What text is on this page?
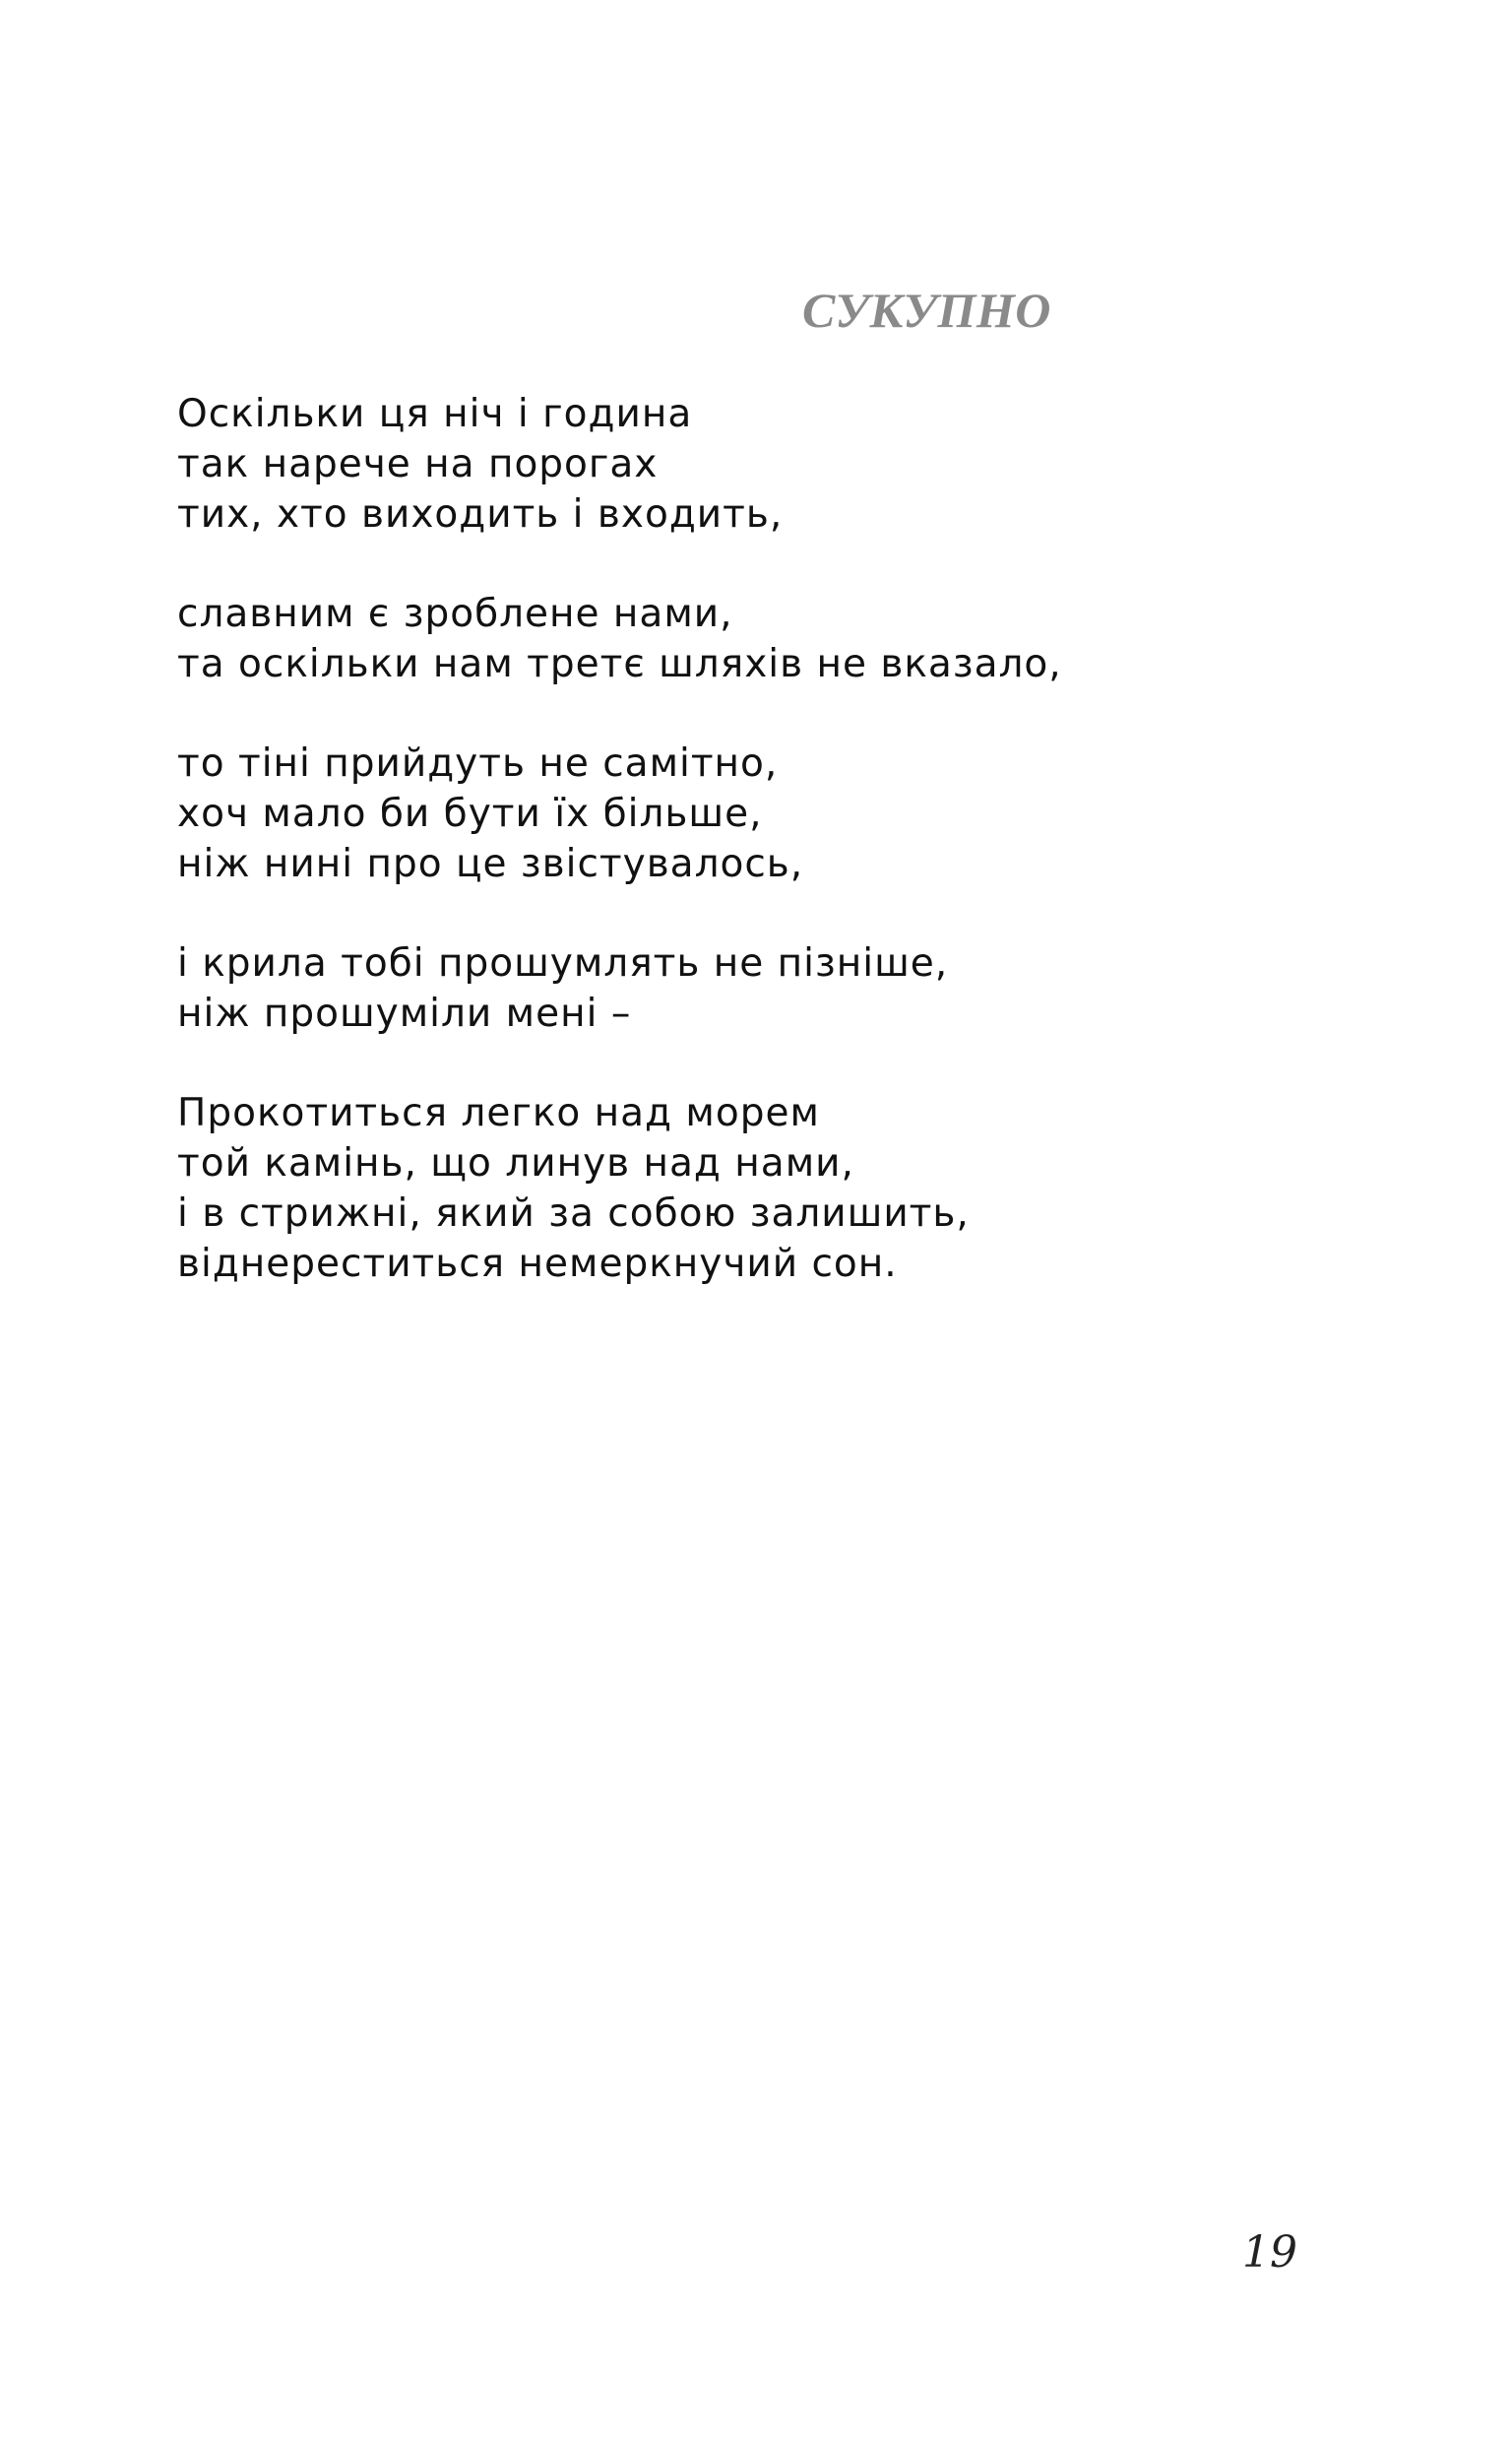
СУКУПНО
Оскільки ця ніч і година
так нарече на порогах
тих, хто виходить і входить,
славним є зроблене нами,
та оскільки нам третє шляхів не вказало,
то тіні прийдуть не самітно,
хоч мало би бути їх більше,
ніж нині про це звістувалось,
і крила тобі прошумлять не пізніше,
ніж прошуміли мені –
Прокотиться легко над морем
той камінь, що линув над нами,
і в стрижні, який за собою залишить,
віднереститься немеркнучий сон.
19
